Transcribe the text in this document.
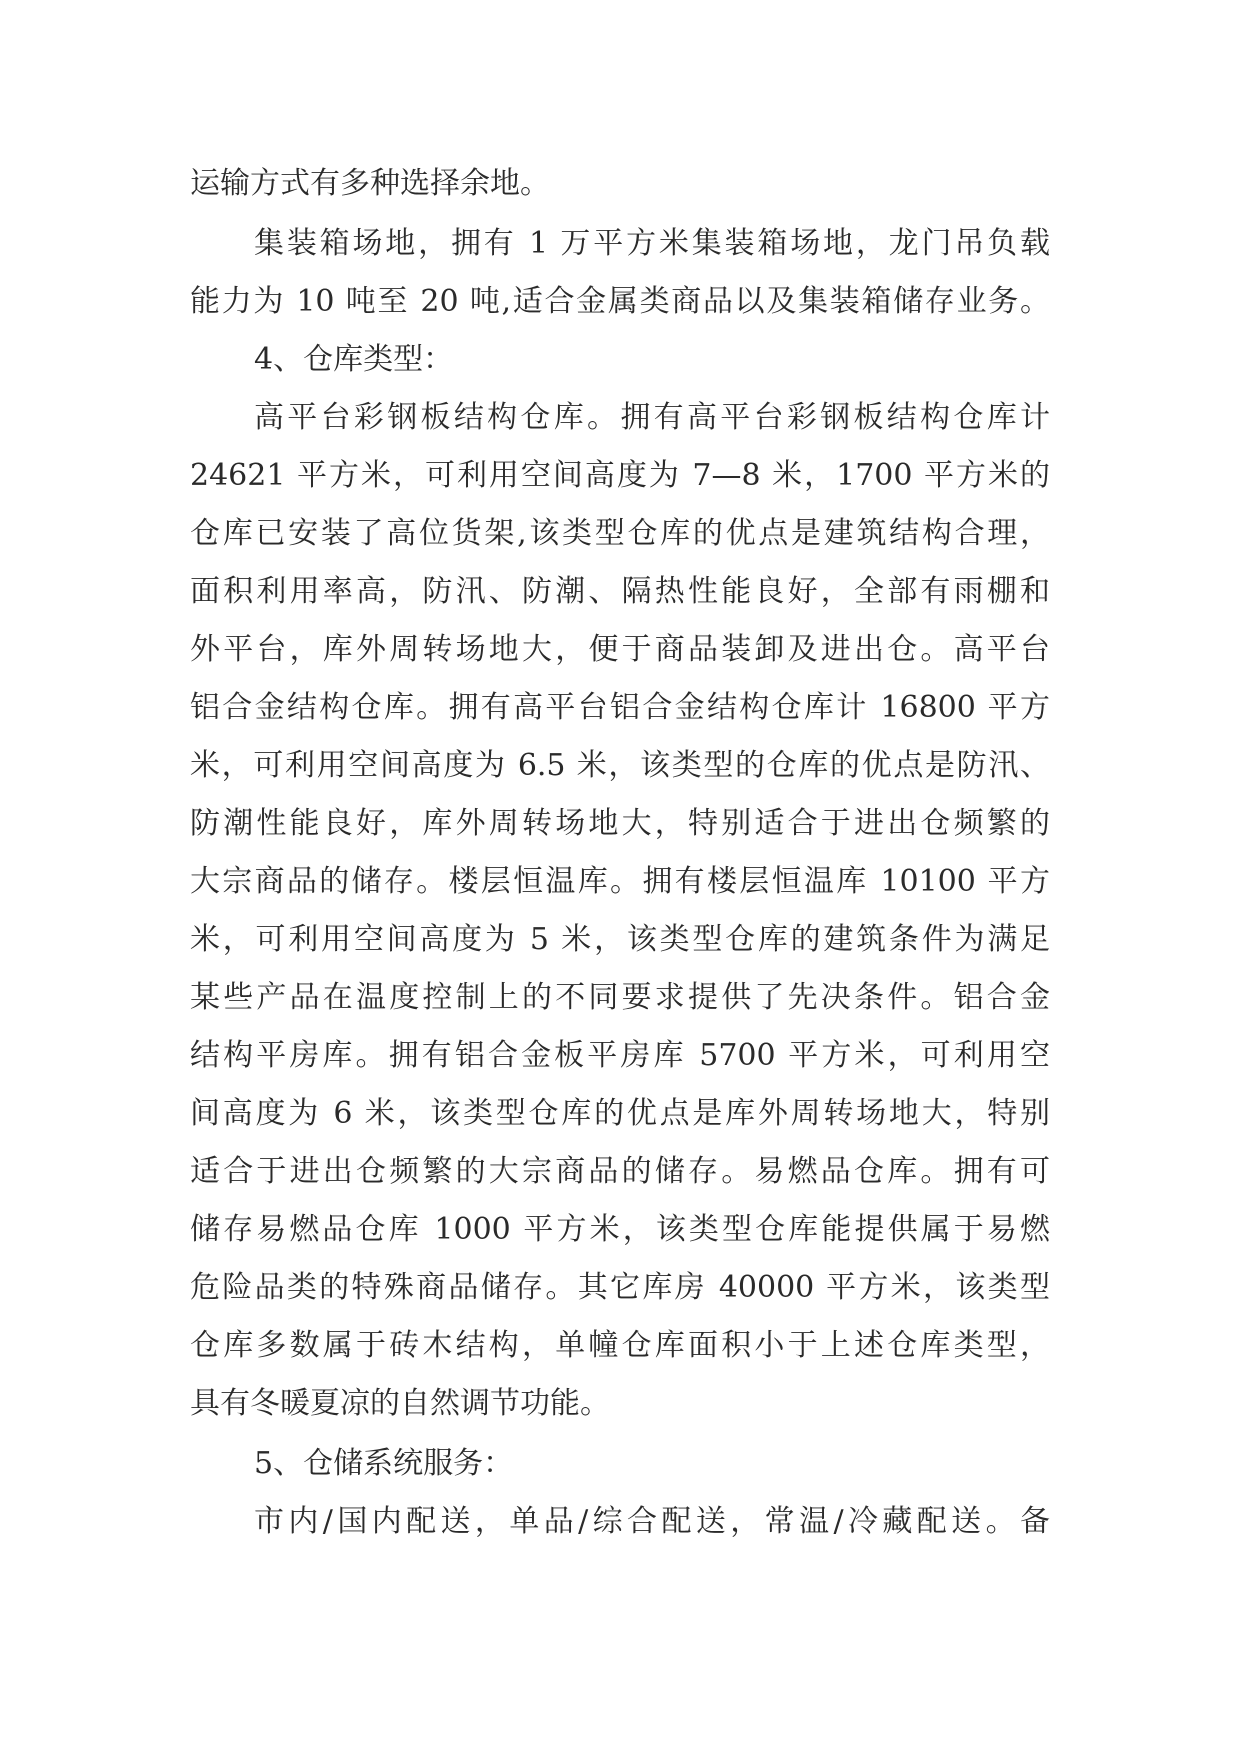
运输方式有多种选择余地。
集装箱场地，拥有 1 万平方米集装箱场地，龙门吊负载
能力为 10 吨至 20 吨,适合金属类商品以及集装箱储存业务。
4、仓库类型：
高平台彩钢板结构仓库。拥有高平台彩钢板结构仓库计
24621 平方米，可利用空间高度为 7—8 米，1700 平方米的
仓库已安装了高位货架,该类型仓库的优点是建筑结构合理，
面积利用率高，防汛、防潮、隔热性能良好，全部有雨棚和
外平台，库外周转场地大，便于商品装卸及进出仓。高平台
铝合金结构仓库。拥有高平台铝合金结构仓库计 16800 平方
米，可利用空间高度为 6.5 米，该类型的仓库的优点是防汛、
防潮性能良好，库外周转场地大，特别适合于进出仓频繁的
大宗商品的储存。楼层恒温库。拥有楼层恒温库 10100 平方
米，可利用空间高度为 5 米，该类型仓库的建筑条件为满足
某些产品在温度控制上的不同要求提供了先决条件。铝合金
结构平房库。拥有铝合金板平房库 5700 平方米，可利用空
间高度为 6 米，该类型仓库的优点是库外周转场地大，特别
适合于进出仓频繁的大宗商品的储存。易燃品仓库。拥有可
储存易燃品仓库 1000 平方米，该类型仓库能提供属于易燃
危险品类的特殊商品储存。其它库房 40000 平方米，该类型
仓库多数属于砖木结构，单幢仓库面积小于上述仓库类型，
具有冬暖夏凉的自然调节功能。
5、仓储系统服务：
市内/国内配送，单品/综合配送，常温/冷藏配送。备
